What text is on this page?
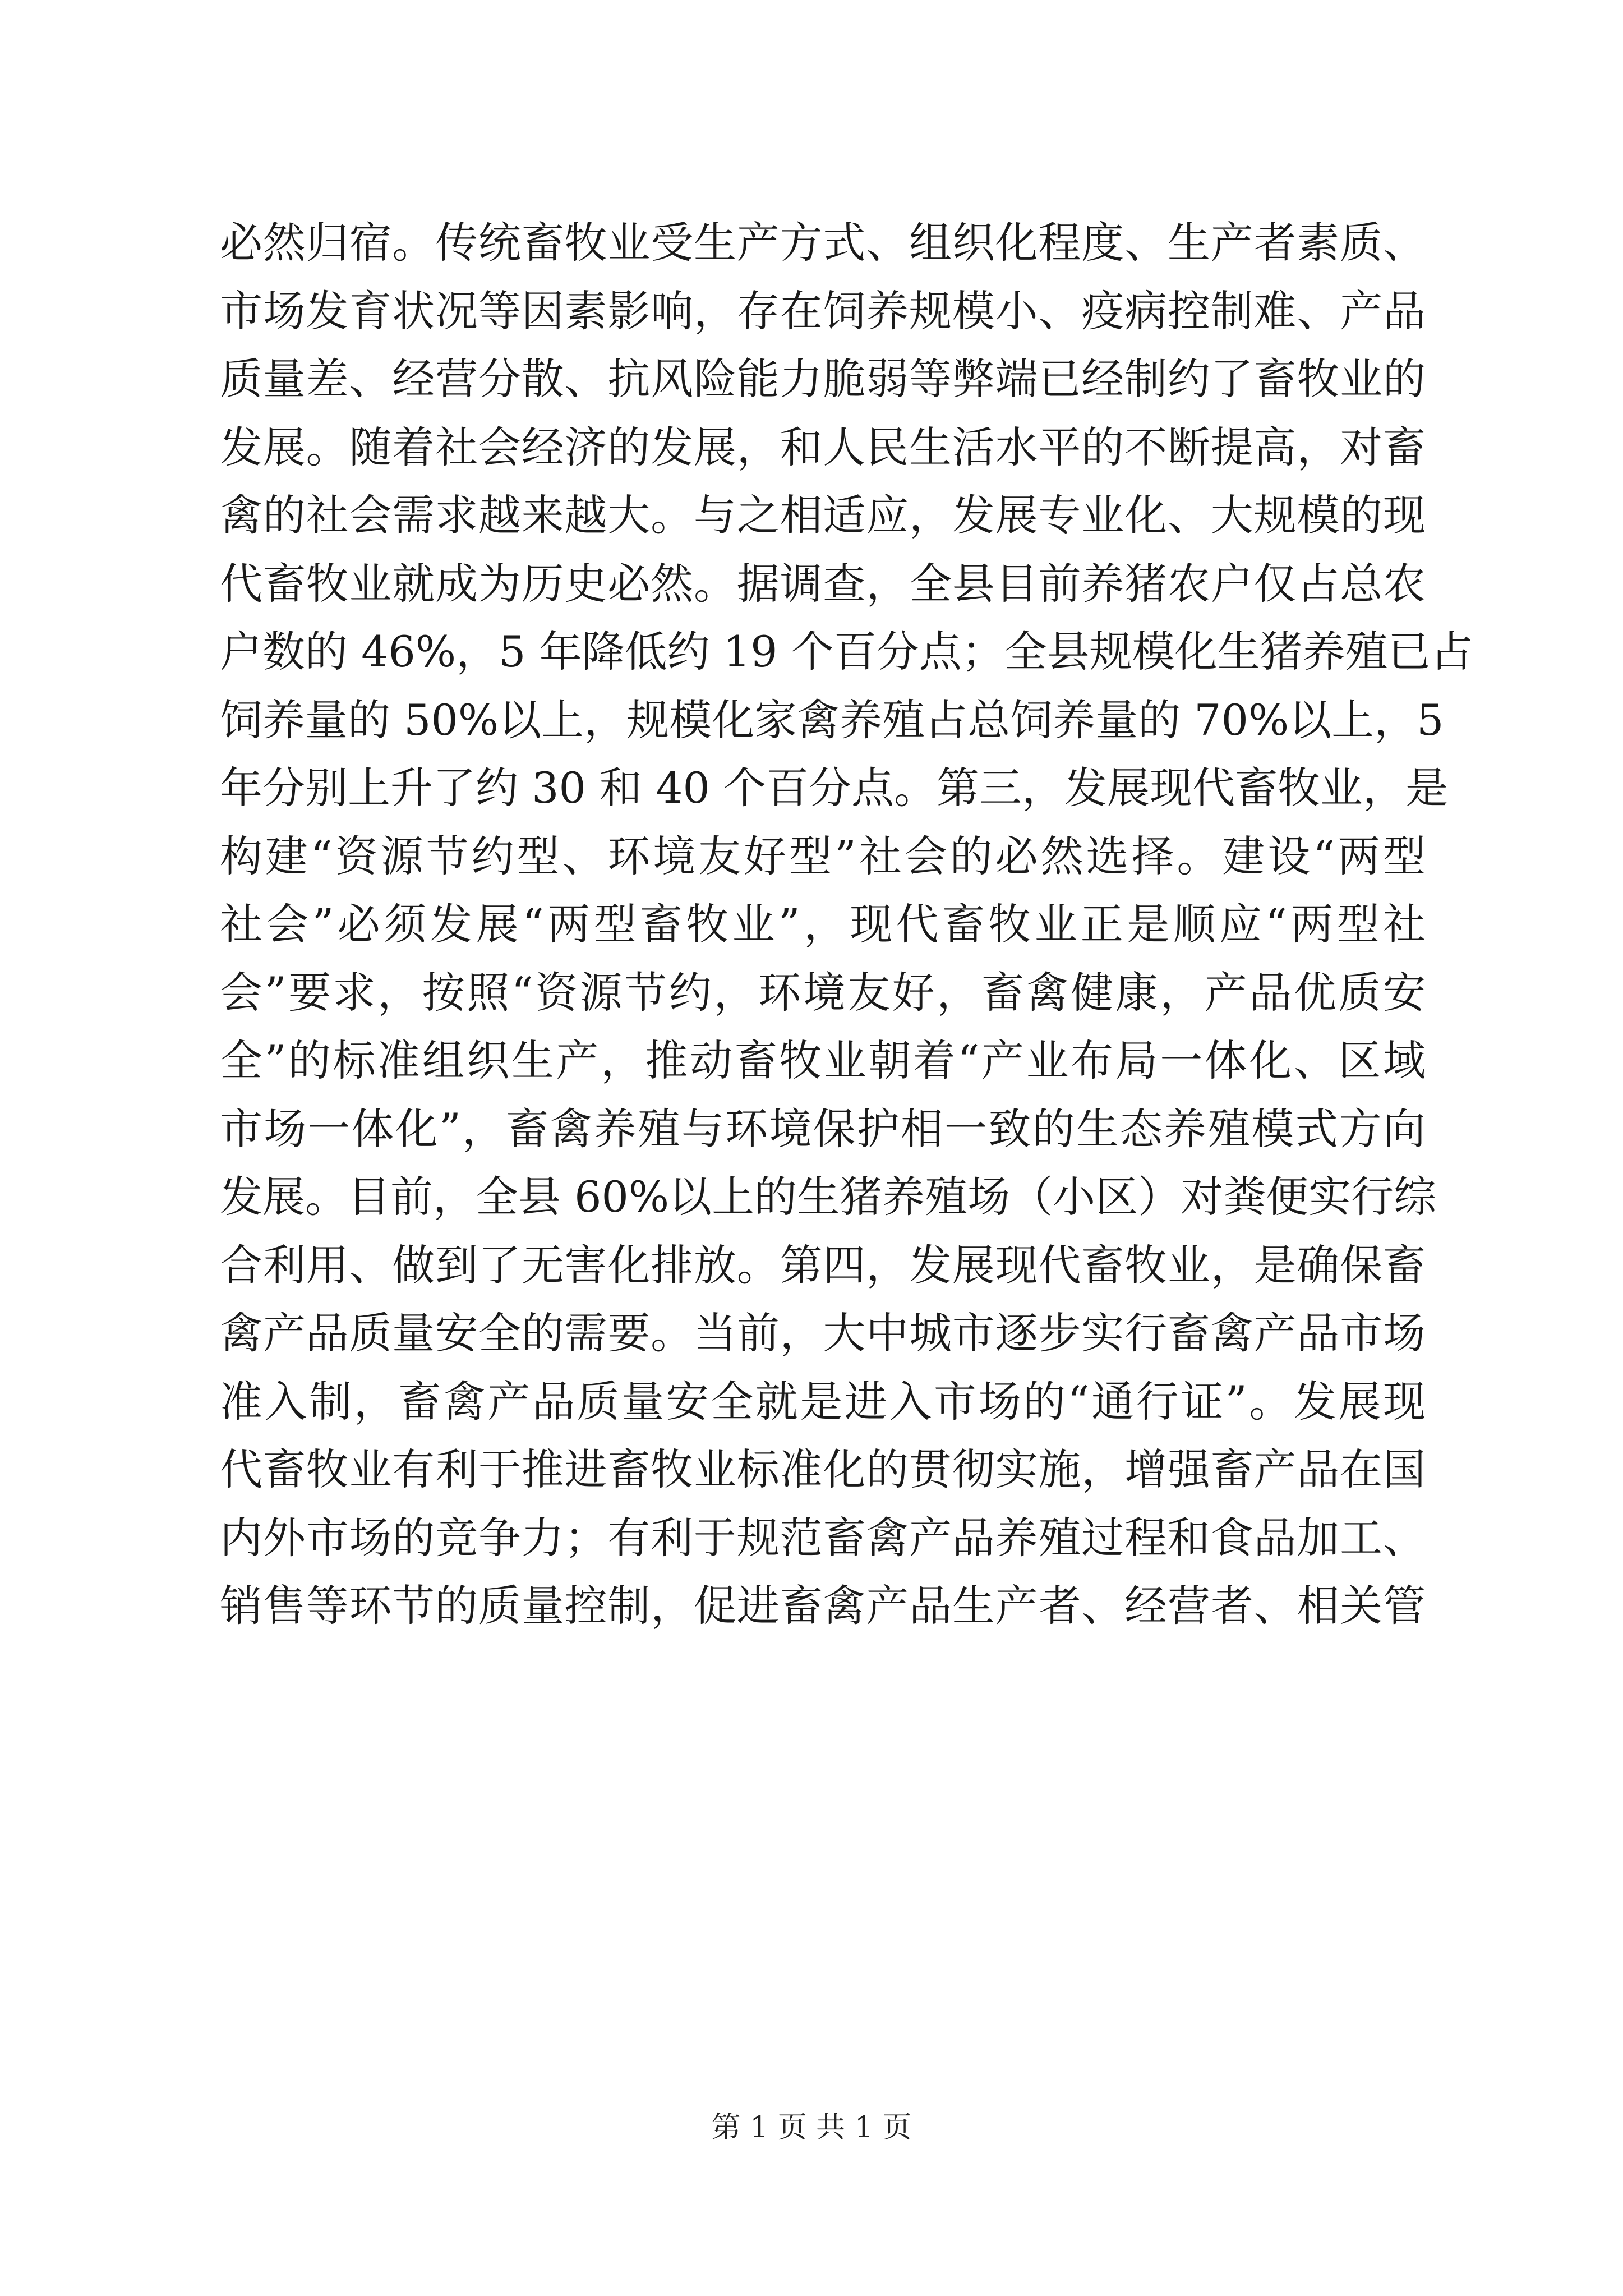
必然归宿。传统畜牧业受生产方式、组织化程度、生产者素质、
市场发育状况等因素影响，存在饲养规模小、疫病控制难、产品
质量差、经营分散、抗风险能力脆弱等弊端已经制约了畜牧业的
发展。随着社会经济的发展，和人民生活水平的不断提高，对畜
禽的社会需求越来越大。与之相适应，发展专业化、大规模的现
代畜牧业就成为历史必然。据调查，全县目前养猪农户仅占总农
户数的 46%，5 年降低约 19 个百分点；全县规模化生猪养殖已占
饲养量的 50%以上，规模化家禽养殖占总饲养量的 70%以上，5
年分别上升了约 30 和 40 个百分点。第三，发展现代畜牧业，是
构建“资源节约型、环境友好型”社会的必然选择。建设“两型
社会”必须发展“两型畜牧业”，现代畜牧业正是顺应“两型社
会”要求，按照“资源节约，环境友好，畜禽健康，产品优质安
全”的标准组织生产，推动畜牧业朝着“产业布局一体化、区域
市场一体化”，畜禽养殖与环境保护相一致的生态养殖模式方向
发展。目前，全县 60%以上的生猪养殖场（小区）对粪便实行综
合利用、做到了无害化排放。第四，发展现代畜牧业，是确保畜
禽产品质量安全的需要。当前，大中城市逐步实行畜禽产品市场
准入制，畜禽产品质量安全就是进入市场的“通行证”。发展现
代畜牧业有利于推进畜牧业标准化的贯彻实施，增强畜产品在国
内外市场的竞争力；有利于规范畜禽产品养殖过程和食品加工、
销售等环节的质量控制，促进畜禽产品生产者、经营者、相关管
第 1 页 共 1 页
